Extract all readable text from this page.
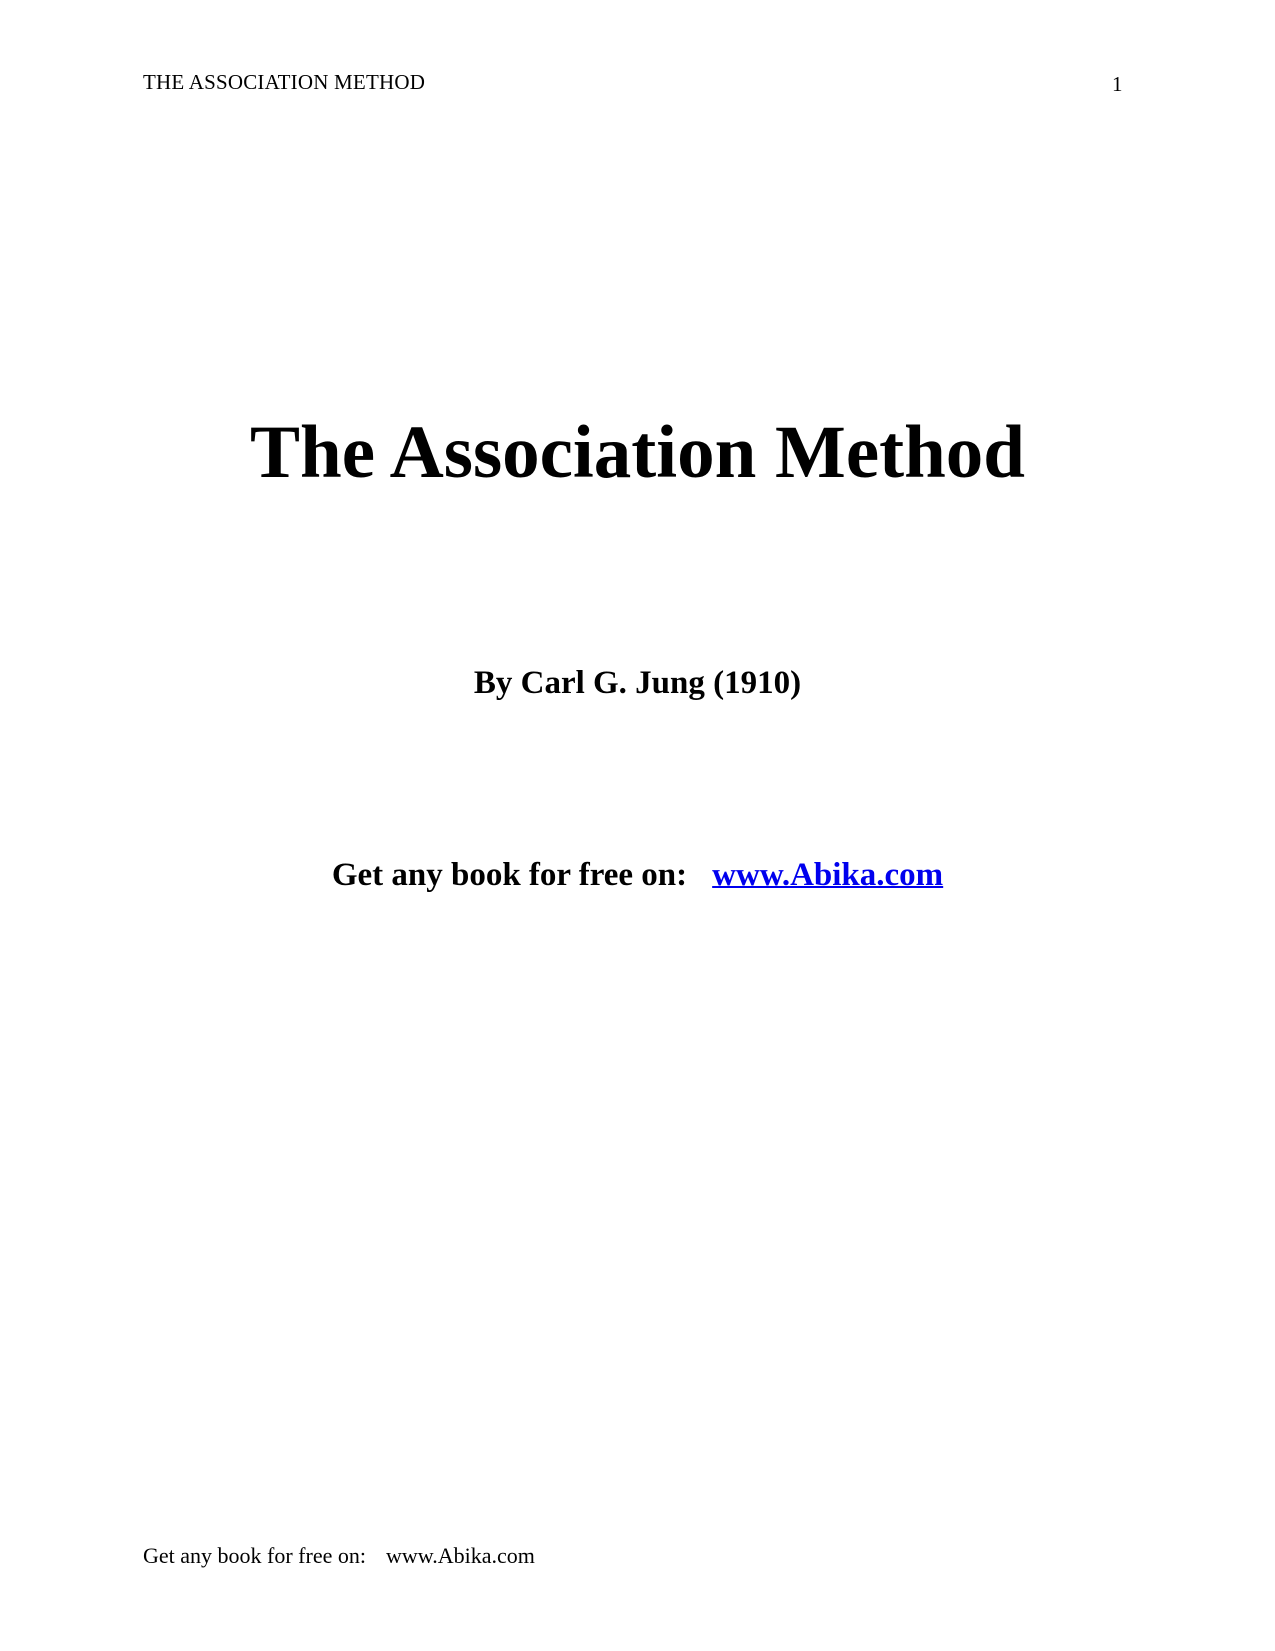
THE ASSOCIATION METHOD	1
The Association Method
By Carl G. Jung (1910)
Get any book for free on: www.Abika.com
Get any book for free on: www.Abika.com
